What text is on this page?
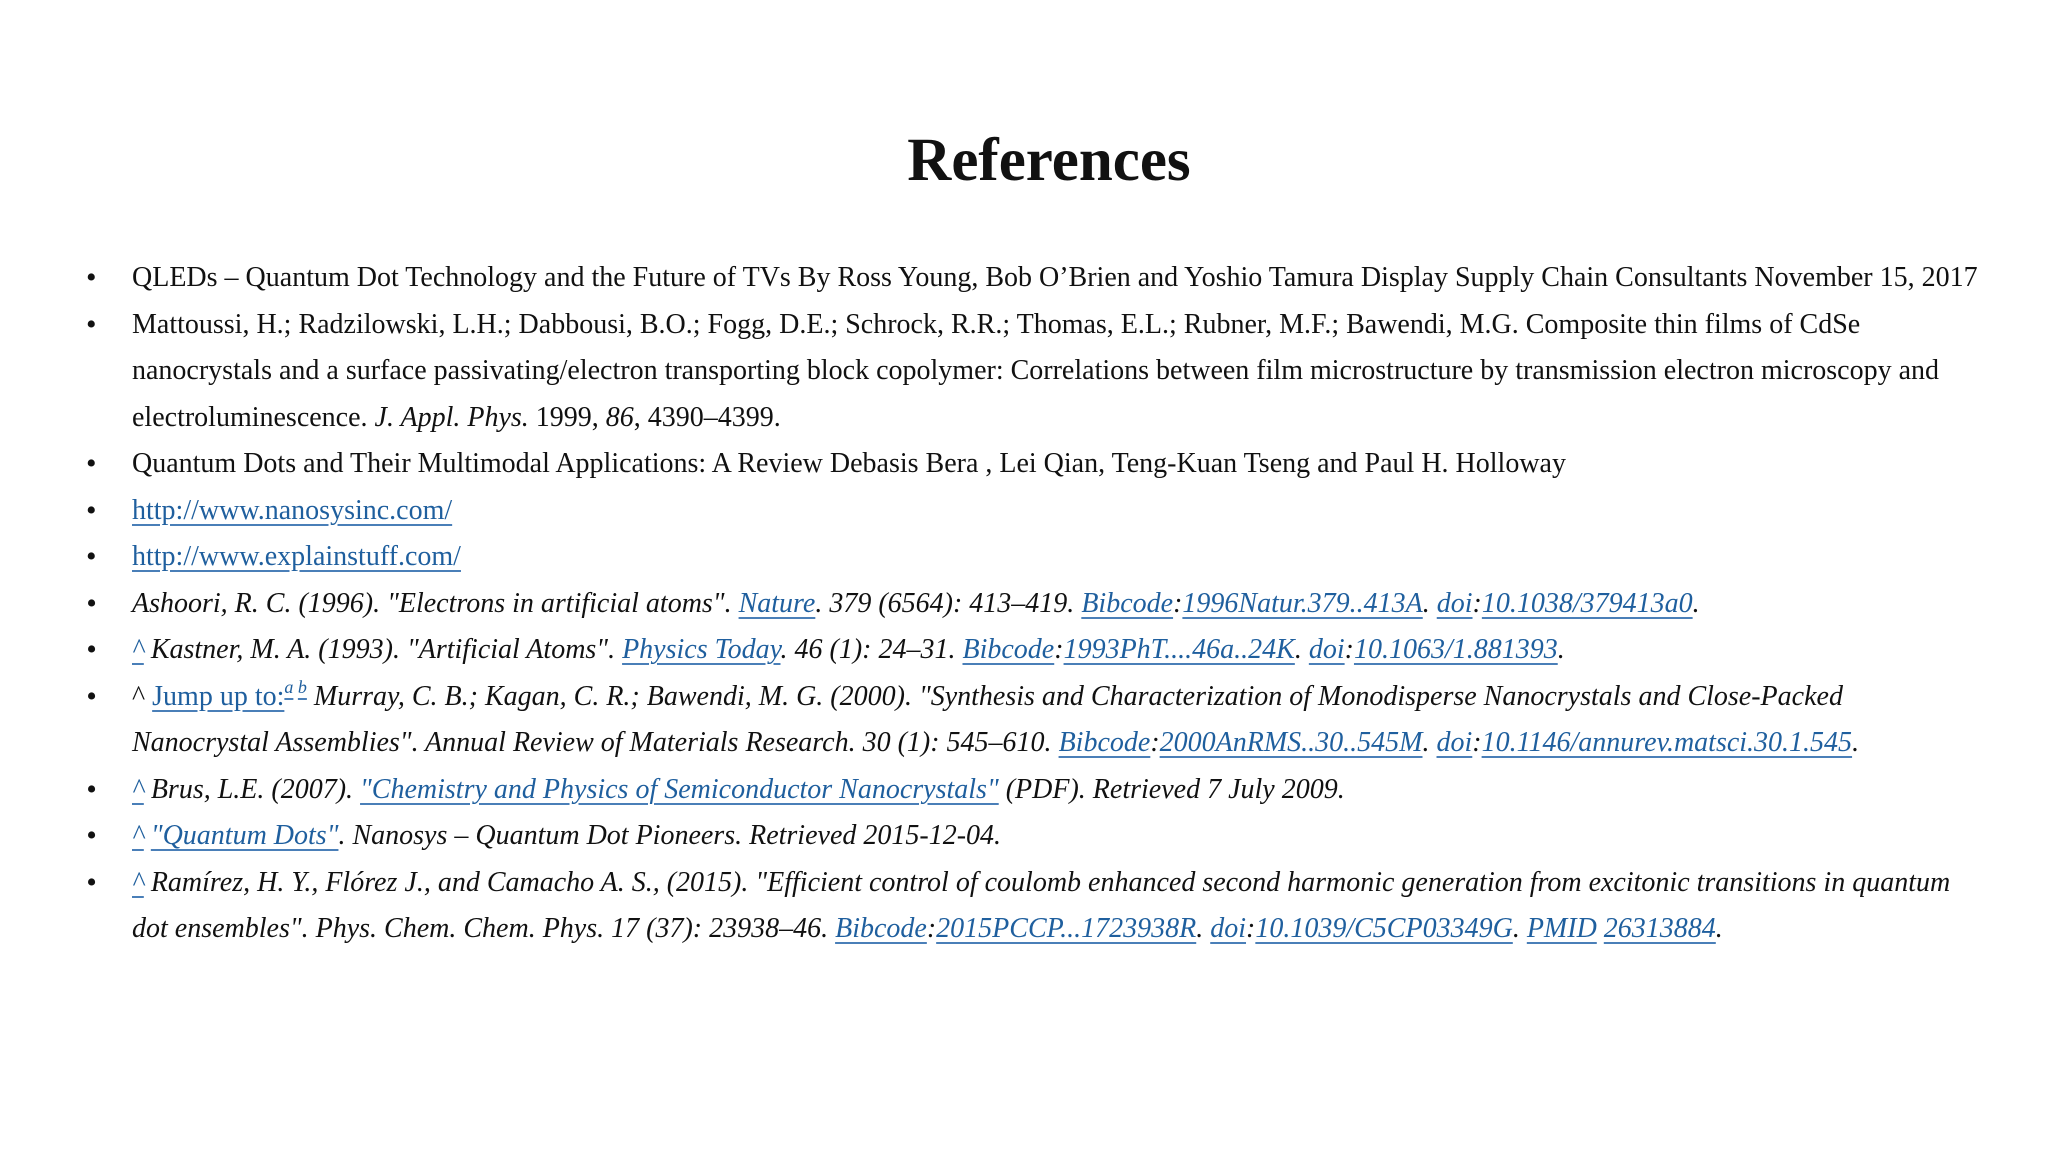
References
• QLEDs – Quantum Dot Technology and the Future of TVs By Ross Young, Bob O’Brien and Yoshio Tamura Display Supply Chain Consultants November 15, 2017
• Mattoussi, H.; Radzilowski, L.H.; Dabbousi, B.O.; Fogg, D.E.; Schrock, R.R.; Thomas, E.L.; Rubner, M.F.; Bawendi, M.G. Composite thin films of CdSe nanocrystals and a surface passivating/electron transporting block copolymer: Correlations between film microstructure by transmission electron microscopy and electroluminescence. J. Appl. Phys. 1999, 86, 4390–4399.
• Quantum Dots and Their Multimodal Applications: A Review Debasis Bera , Lei Qian, Teng-Kuan Tseng and Paul H. Holloway
• http://www.nanosysinc.com/
• http://www.explainstuff.com/
• Ashoori, R. C. (1996). "Electrons in artificial atoms". Nature. 379 (6564): 413–419. Bibcode:1996Natur.379..413A. doi:10.1038/379413a0.
• ^ Kastner, M. A. (1993). "Artificial Atoms". Physics Today. 46 (1): 24–31. Bibcode:1993PhT....46a..24K. doi:10.1063/1.881393.
• ^ Jump up to:$^{a b}$ Murray, C. B.; Kagan, C. R.; Bawendi, M. G. (2000). "Synthesis and Characterization of Monodisperse Nanocrystals and Close-Packed Nanocrystal Assemblies". Annual Review of Materials Research. 30 (1): 545–610. Bibcode:2000AnRMS..30..545M. doi:10.1146/annurev.matsci.30.1.545.
• ^ Brus, L.E. (2007). "Chemistry and Physics of Semiconductor Nanocrystals" (PDF). Retrieved 7 July 2009.
• ^ "Quantum Dots". Nanosys – Quantum Dot Pioneers. Retrieved 2015-12-04.
• ^ Ramírez, H. Y., Flórez J., and Camacho A. S., (2015). "Efficient control of coulomb enhanced second harmonic generation from excitonic transitions in quantum dot ensembles". Phys. Chem. Chem. Phys. 17 (37): 23938–46. Bibcode:2015PCCP...1723938R. doi:10.1039/C5CP03349G. PMID 26313884.
